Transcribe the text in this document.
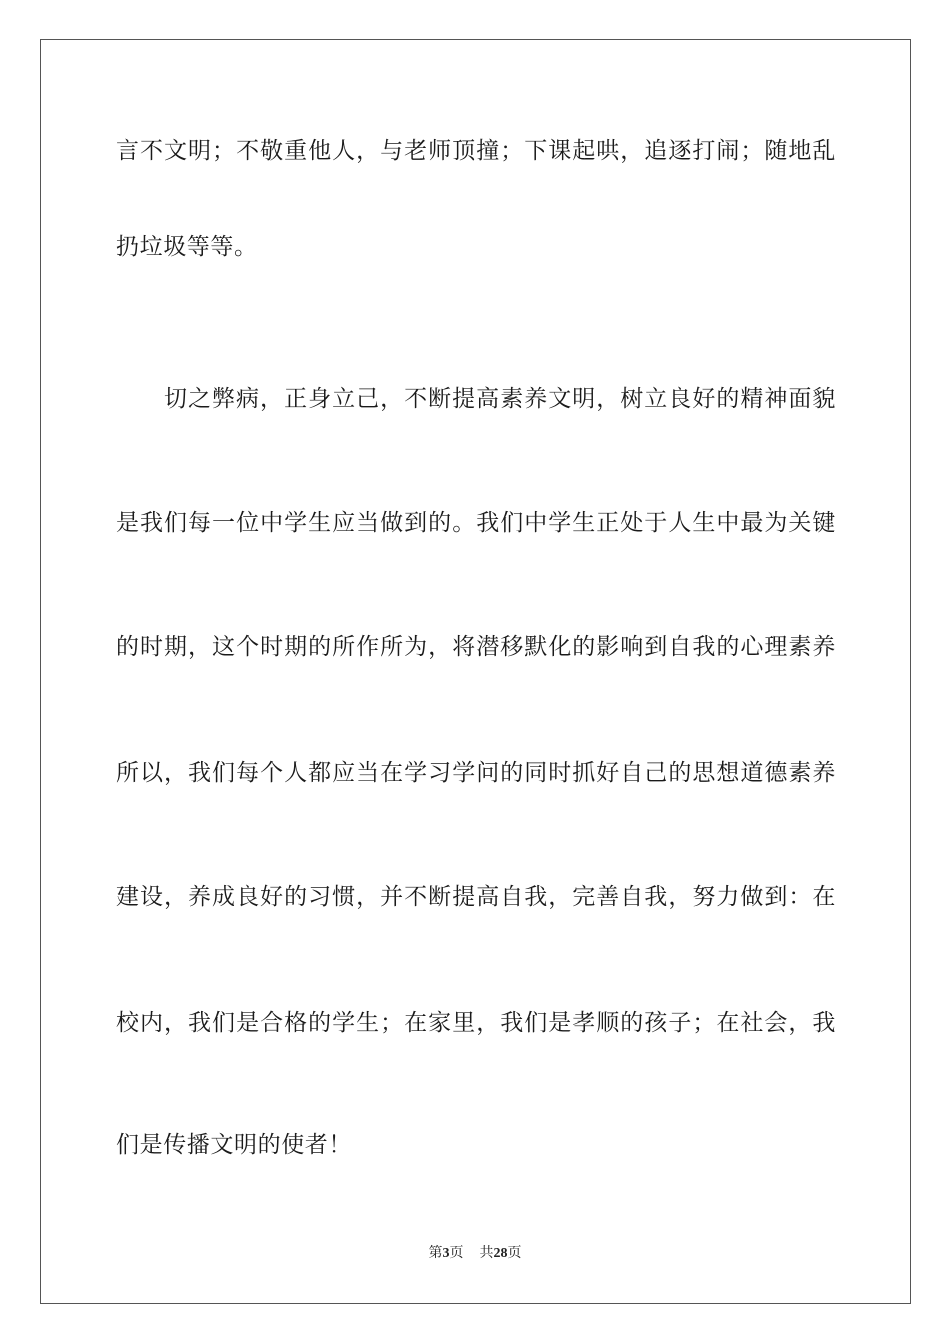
言不文明；不敬重他人，与老师顶撞；下课起哄，追逐打闹；随地乱

扔垃圾等等。

切之弊病，正身立己，不断提高素养文明，树立良好的精神面貌

是我们每一位中学生应当做到的。我们中学生正处于人生中最为关键

的时期，这个时期的所作所为，将潜移默化的影响到自我的心理素养

所以，我们每个人都应当在学习学问的同时抓好自己的思想道德素养

建设，养成良好的习惯，并不断提高自我，完善自我，努力做到：在

校内，我们是合格的学生；在家里，我们是孝顺的孩子；在社会，我

们是传播文明的使者！

第3页 共28页
